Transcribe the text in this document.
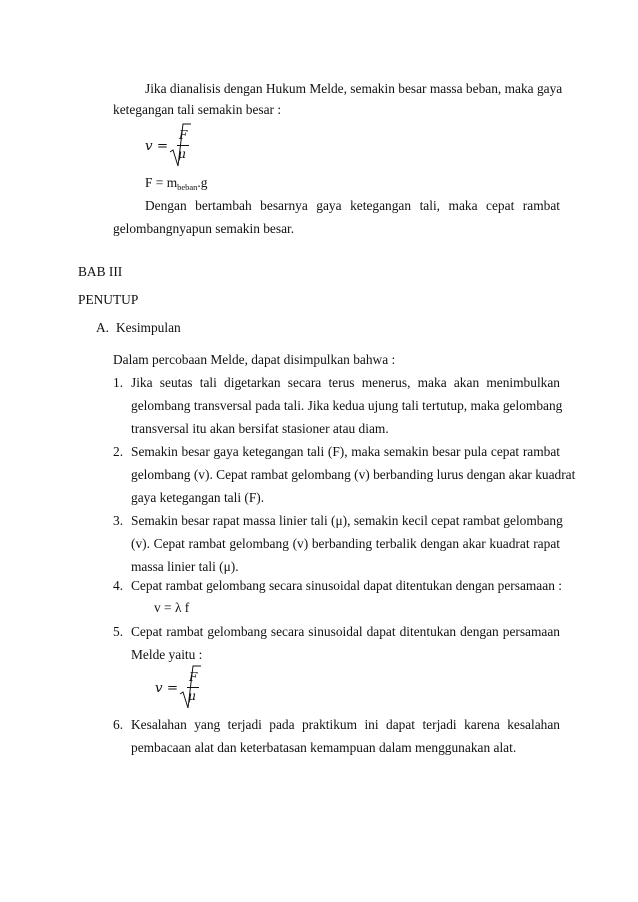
Jika dianalisis dengan Hukum Melde, semakin besar massa beban, maka gaya
ketegangan tali semakin besar :
v =
F
μ
$F = m_{beban}.g$
Dengan bertambah besarnya gaya ketegangan tali, maka cepat rambat
gelombangnyapun semakin besar.
BAB III
PENUTUP
A. Kesimpulan
Dalam percobaan Melde, dapat disimpulkan bahwa :
1. Jika seutas tali digetarkan secara terus menerus, maka akan menimbulkan
gelombang transversal pada tali. Jika kedua ujung tali tertutup, maka gelombang
transversal itu akan bersifat stasioner atau diam.
2. Semakin besar gaya ketegangan tali (F), maka semakin besar pula cepat rambat
gelombang (v). Cepat rambat gelombang (v) berbanding lurus dengan akar kuadrat
gaya ketegangan tali (F).
3. Semakin besar rapat massa linier tali (μ), semakin kecil cepat rambat gelombang
(v). Cepat rambat gelombang (v) berbanding terbalik dengan akar kuadrat rapat
massa linier tali (μ).
4. Cepat rambat gelombang secara sinusoidal dapat ditentukan dengan persamaan :
v = λ f
5. Cepat rambat gelombang secara sinusoidal dapat ditentukan dengan persamaan
Melde yaitu :
v =
F
μ
6. Kesalahan yang terjadi pada praktikum ini dapat terjadi karena kesalahan
pembacaan alat dan keterbatasan kemampuan dalam menggunakan alat.
